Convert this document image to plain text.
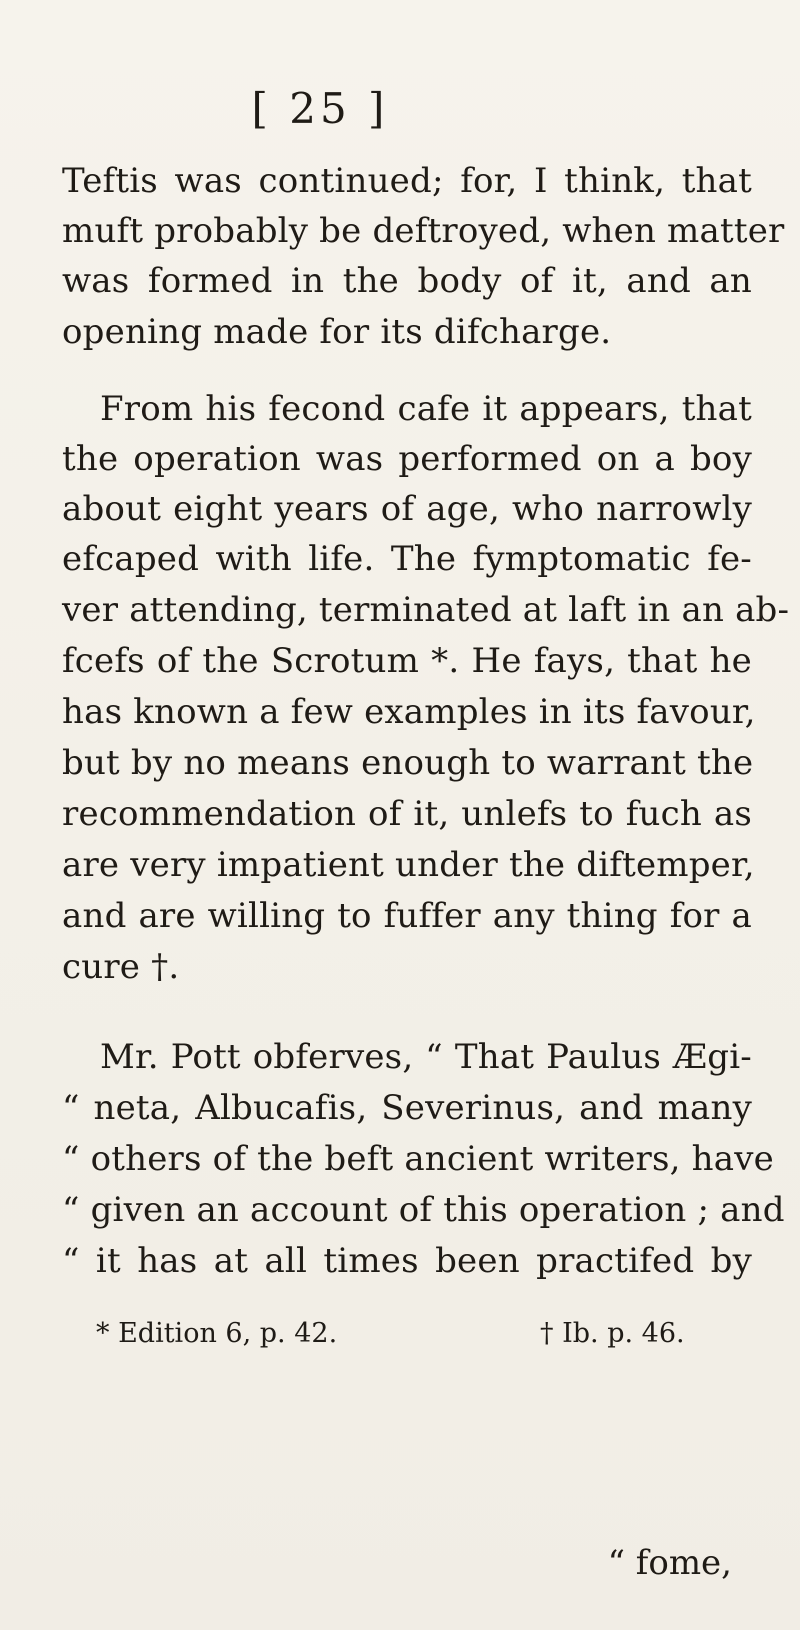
[ 25 ]
Teftis was continued; for, I think, that
muft probably be deftroyed, when matter
was formed in the body of it, and an
opening made for its difcharge.
From his fecond cafe it appears, that
the operation was performed on a boy
about eight years of age, who narrowly
efcaped with life. The fymptomatic fe-
ver attending, terminated at laft in an ab-
fcefs of the Scrotum *. He fays, that he
has known a few examples in its favour,
but by no means enough to warrant the
recommendation of it, unlefs to fuch as
are very impatient under the diftemper,
and are willing to fuffer any thing for a
cure †.
Mr. Pott obferves, “ That Paulus Ægi-
“ neta, Albucafis, Severinus, and many
“ others of the beft ancient writers, have
“ given an account of this operation ; and
“ it has at all times been practifed by
* Edition 6, p. 42.	† Ib. p. 46.
“ fome,
